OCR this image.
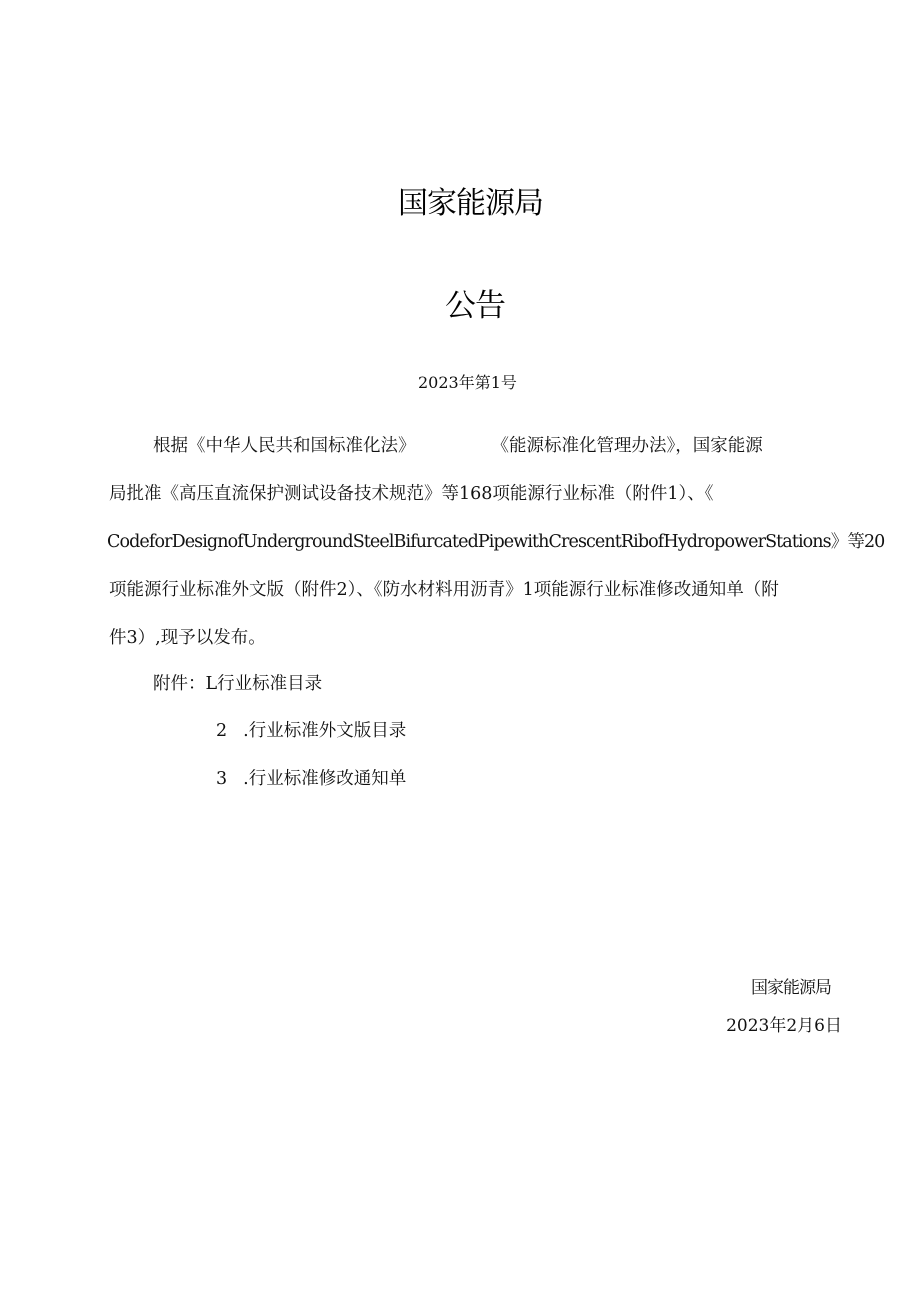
国家能源局
公告
2023年第1号
根据《中华人民共和国标准化法》	《能源标准化管理办法》，国家能源
局批准《高压直流保护测试设备技术规范》等168项能源行业标准（附件1）、《
CodeforDesignofUndergroundSteelBifurcatedPipewithCrescentRibofHydropowerStations》等20
项能源行业标准外文版（附件2）、《防水材料用沥青》1项能源行业标准修改通知单（附
件3）,现予以发布。
附件：L行业标准目录
2 .行业标准外文版目录
3 .行业标准修改通知单
国家能源局
2023年2月6日
